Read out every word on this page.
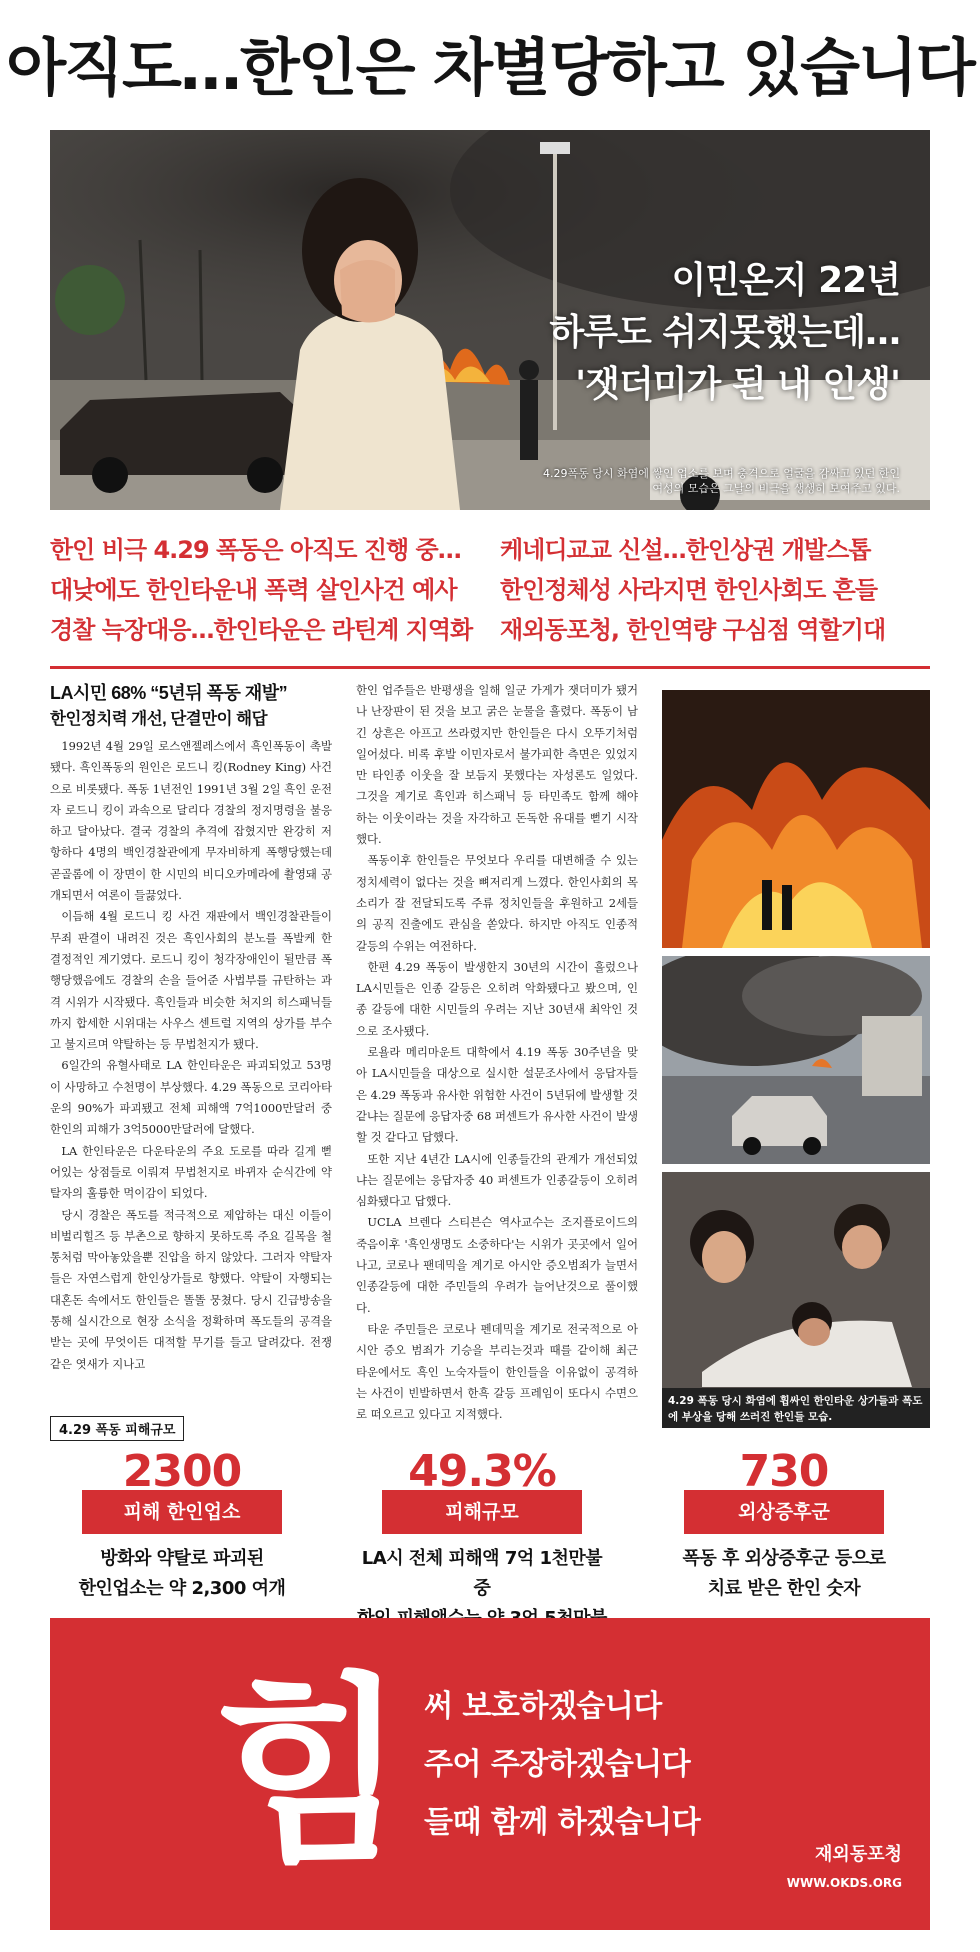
아직도…한인은 차별당하고 있습니다
이민온지 22년
하루도 쉬지못했는데…
'잿더미가 된 내 인생'
4.29폭동 당시 화염에 쌓인 업소를 보며 충격으로 얼굴을 감싸고 있던 한인 여성의 모습은 그날의 비극을 생생히 보여주고 있다.
한인 비극 4.29 폭동은 아직도 진행 중…
대낮에도 한인타운내 폭력 살인사건 예사
경찰 늑장대응…한인타운은 라틴계 지역화
케네디교교 신설…한인상권 개발스톱
한인정체성 사라지면 한인사회도 흔들
재외동포청, 한인역량 구심점 역할기대
LA시민 68% “5년뒤 폭동 재발”
한인정치력 개선, 단결만이 해답

1992년 4월 29일 로스앤젤레스에서 흑인폭동이 촉발됐다. 흑인폭동의 원인은 로드니 킹(Rodney King) 사건으로 비롯됐다. 폭동 1년전인 1991년 3월 2일 흑인 운전자 로드니 킹이 과속으로 달리다 경찰의 정지명령을 불응하고 달아났다. 결국 경찰의 추격에 잡혔지만 완강히 저항하다 4명의 백인경찰관에게 무자비하게 폭행당했는데 곧골롬에 이 장면이 한 시민의 비디오카메라에 촬영돼 공개되면서 여론이 들끓었다.

이듬해 4월 로드니 킹 사건 재판에서 백인경찰관들이 무죄 판결이 내려진 것은 흑인사회의 분노를 폭발케 한 결정적인 계기였다. 로드니 킹이 청각장애인이 될만큼 폭행당했음에도 경찰의 손을 들어준 사법부를 규탄하는 과격 시위가 시작됐다. 흑인들과 비슷한 처지의 히스패닉들까지 합세한 시위대는 사우스 센트럴 지역의 상가를 부수고 불지르며 약탈하는 등 무법천지가 됐다.

6일간의 유혈사태로 LA 한인타운은 파괴되었고 53명이 사망하고 수천명이 부상했다. 4.29 폭동으로 코리아타운의 90%가 파괴됐고 전체 피해액 7억1000만달러 중 한인의 피해가 3억5000만달러에 달했다.

LA 한인타운은 다운타운의 주요 도로를 따라 길게 뻗어있는 상점들로 이뤄져 무법천지로 바뀌자 순식간에 약탈자의 훌륭한 먹이감이 되었다.

당시 경찰은 폭도를 적극적으로 제압하는 대신 이들이 비벌리힐즈 등 부촌으로 향하지 못하도록 주요 길목을 철통처럼 막아놓았을뿐 진압을 하지 않았다. 그러자 약탈자들은 자연스럽게 한인상가들로 향했다. 약탈이 자행되는 대혼돈 속에서도 한인들은 똘똘 뭉쳤다. 당시 긴급방송을 통해 실시간으로 현장 소식을 정확하며 폭도들의 공격을 받는 곳에 무엇이든 대적할 무기를 들고 달려갔다. 전쟁같은 엿새가 지나고

한인 업주들은 반평생을 일해 일군 가게가 잿더미가 됐거나 난장판이 된 것을 보고 굵은 눈물을 흘렸다. 폭동이 남긴 상흔은 아프고 쓰라렸지만 한인들은 다시 오뚜기처럼 일어섰다. 비록 후발 이민자로서 불가피한 측면은 있었지만 타인종 이웃을 잘 보듬지 못했다는 자성론도 일었다. 그것을 계기로 흑인과 히스패닉 등 타민족도 함께 해야 하는 이웃이라는 것을 자각하고 돈독한 유대를 뻗기 시작했다.

폭동이후 한인들은 무엇보다 우리를 대변해줄 수 있는 정치세력이 없다는 것을 뼈저리게 느꼈다. 한인사회의 목소리가 잘 전달되도록 주류 정치인들을 후원하고 2세들의 공직 진출에도 관심을 쏟았다. 하지만 아직도 인종적 갈등의 수위는 여전하다.

한편 4.29 폭동이 발생한지 30년의 시간이 흘렀으나 LA시민들은 인종 갈등은 오히려 악화됐다고 봤으며, 인종 갈등에 대한 시민들의 우려는 지난 30년새 최악인 것으로 조사됐다.

로욜라 메리마운트 대학에서 4.19 폭동 30주년을 맞아 LA시민들을 대상으로 실시한 설문조사에서 응답자들은 4.29 폭동과 유사한 위험한 사건이 5년뒤에 발생할 것 같냐는 질문에 응답자중 68 퍼센트가 유사한 사건이 발생할 것 같다고 답했다.

또한 지난 4년간 LA시에 인종들간의 관계가 개선되었냐는 질문에는 응답자중 40 퍼센트가 인종갈등이 오히려 심화됐다고 답했다.

UCLA 브렌다 스티븐슨 역사교수는 조지플로이드의 죽음이후 '흑인생명도 소중하다'는 시위가 곳곳에서 일어나고, 코로나 팬데믹을 계기로 아시안 증오범죄가 늘면서 인종갈등에 대한 주민들의 우려가 늘어난것으로 풀이했다.

타운 주민들은 코로나 펜데믹을 계기로 전국적으로 아시안 증오 범죄가 기승을 부리는것과 때를 같이해 최근 타운에서도 흑인 노숙자들이 한인들을 이유없이 공격하는 사건이 빈발하면서 한흑 갈등 프레임이 또다시 수면으로 떠오르고 있다고 지적했다.

4.29 폭동 당시 화염에 휩싸인 한인타운 상가들과 폭도에 부상을 당해 쓰러진 한인들 모습.
4.29 폭동 피해규모
2300
피해 한인업소
방화와 약탈로 파괴된
한인업소는 약 2,300 여개
49.3%
피해규모
LA시 전체 피해액 7억 1천만불 중
730
외상증후군
폭동 후 외상증후군 등으로
치료 받은 한인 숫자
힘 써 보호하겠습니다
주어 주장하겠습니다
들때 함께 하겠습니다
재외동포청
WWW.OKDS.ORG
